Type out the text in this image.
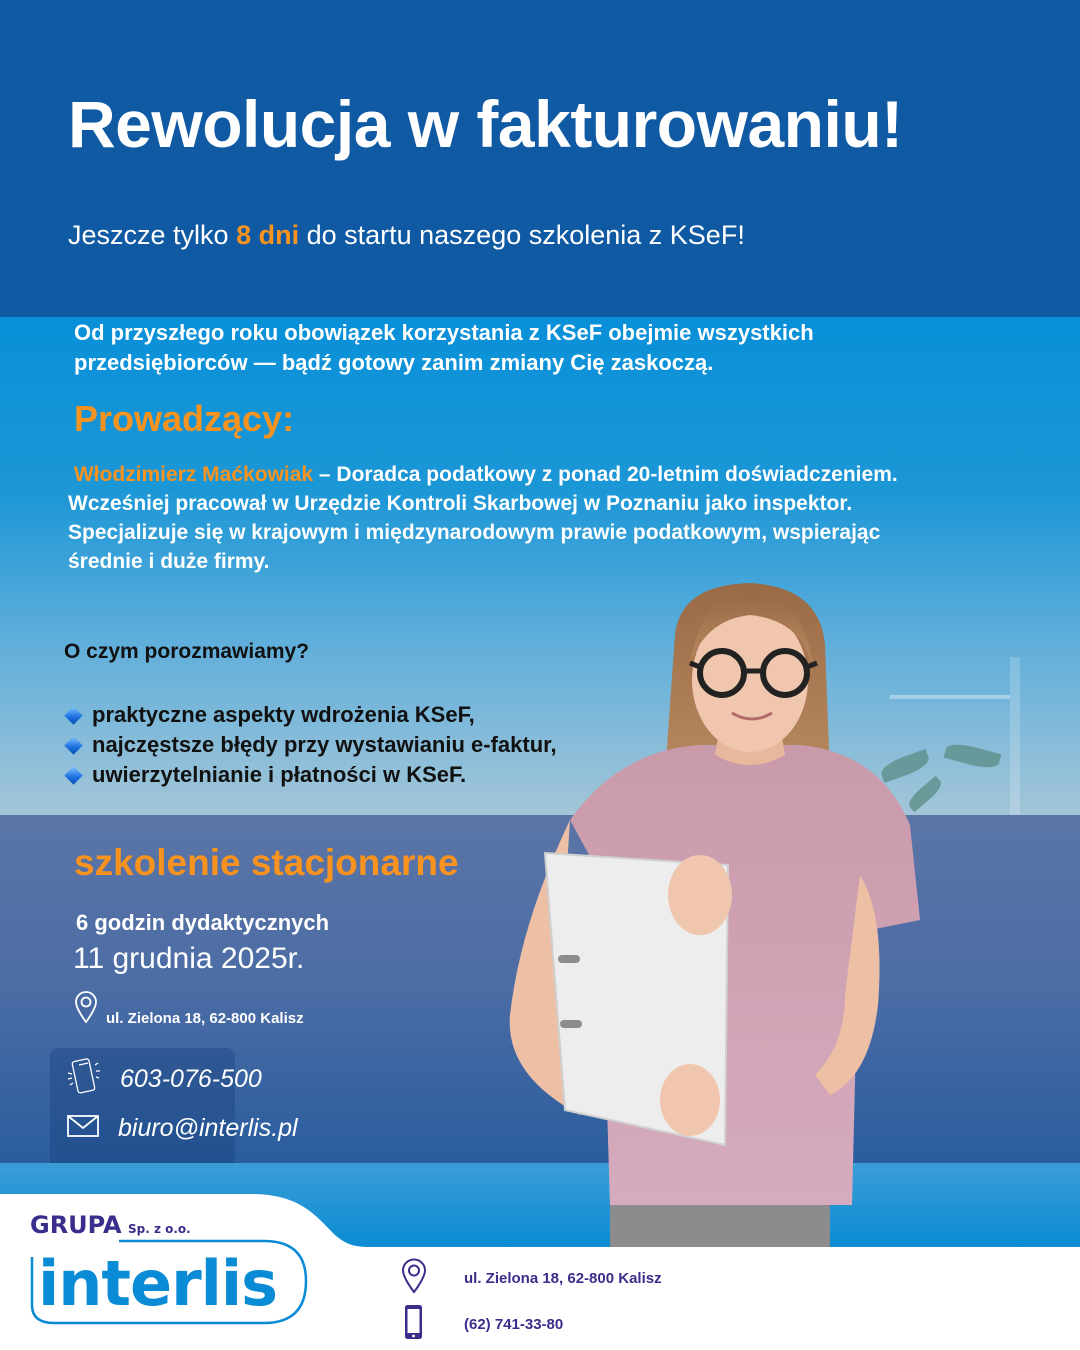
Rewolucja w fakturowaniu!

Jeszcze tylko 8 dni do startu naszego szkolenia z KSeF!

Od przyszłego roku obowiązek korzystania z KSeF obejmie wszystkich przedsiębiorców — bądź gotowy zanim zmiany Cię zaskoczą.

Prowadzący:

Włodzimierz Maćkowiak – Doradca podatkowy z ponad 20-letnim doświadczeniem. Wcześniej pracował w Urzędzie Kontroli Skarbowej w Poznaniu jako inspektor. Specjalizuje się w krajowym i międzynarodowym prawie podatkowym, wspierając średnie i duże firmy.

O czym porozmawiamy?

praktyczne aspekty wdrożenia KSeF,
najczęstsze błędy przy wystawianiu e-faktur,
uwierzytelnianie i płatności w KSeF.

szkolenie stacjonarne

6 godzin dydaktycznych

11 grudnia 2025r.

ul. Zielona 18, 62-800 Kalisz
603-076-500
biuro@interlis.pl
GRUPA Sp. z o.o.
interlis	ul. Zielona 18, 62-800 Kalisz
(62) 741-33-80
